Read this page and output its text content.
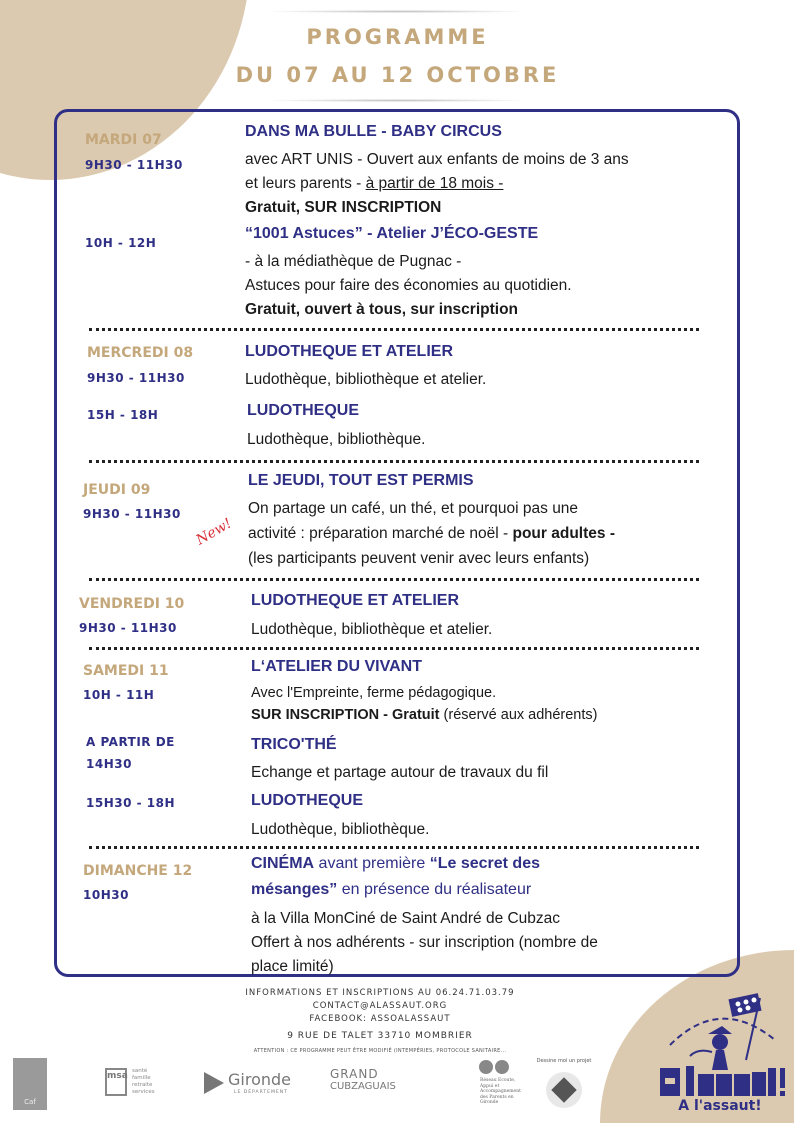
PROGRAMME
DU 07 AU 12 OCTOBRE
MARDI 07
9H30 - 11H30
DANS MA BULLE - BABY CIRCUS
avec ART UNIS - Ouvert aux enfants de moins de 3 ans
et leurs parents - à partir de 18 mois -
Gratuit, SUR INSCRIPTION
10H - 12H
“1001 Astuces” - Atelier J’ÉCO-GESTE
- à la médiathèque de Pugnac -
Astuces pour faire des économies au quotidien.
Gratuit, ouvert à tous, sur inscription
MERCREDI 08
9H30 - 11H30
LUDOTHEQUE ET ATELIER
Ludothèque, bibliothèque et atelier.
15H - 18H	LUDOTHEQUE
Ludothèque, bibliothèque.
JEUDI 09
9H30 - 11H30
New!
LE JEUDI, TOUT EST PERMIS
On partage un café, un thé, et pourquoi pas une
activité : préparation marché de noël - pour adultes -
(les participants peuvent venir avec leurs enfants)
VENDREDI 10
9H30 - 11H30
LUDOTHEQUE ET ATELIER
Ludothèque, bibliothèque et atelier.
SAMEDI 11
10H - 11H
L‘ATELIER DU VIVANT
Avec l'Empreinte, ferme pédagogique.
SUR INSCRIPTION - Gratuit (réservé aux adhérents)
A PARTIR DE
14H30
TRICO'THÉ
Echange et partage autour de travaux du fil
15H30 - 18H	LUDOTHEQUE
Ludothèque, bibliothèque.
DIMANCHE 12
10H30
CINÉMA avant première “Le secret des
mésanges” en présence du réalisateur
à la Villa MonCiné de Saint André de Cubzac
Offert à nos adhérents - sur inscription (nombre de
place limité)
INFORMATIONS ET INSCRIPTIONS AU 06.24.71.03.79
CONTACT@ALASSAUT.ORG
FACEBOOK: ASSOALASSAUT
9 RUE DE TALET 33710 MOMBRIER
ATTENTION : CE PROGRAMME PEUT ÊTRE MODIFIÉ (INTEMPÉRIES, PROTOCOLE SANITAIRE...
Caf
msa santé famille retraite services
Gironde
LE DÉPARTEMENT
GRAND
CUBZAGUAIS
Réseau Ecoute, Appui et Accompagnement des Parents en Gironde
Dessine moi un projet
A l'assaut!
